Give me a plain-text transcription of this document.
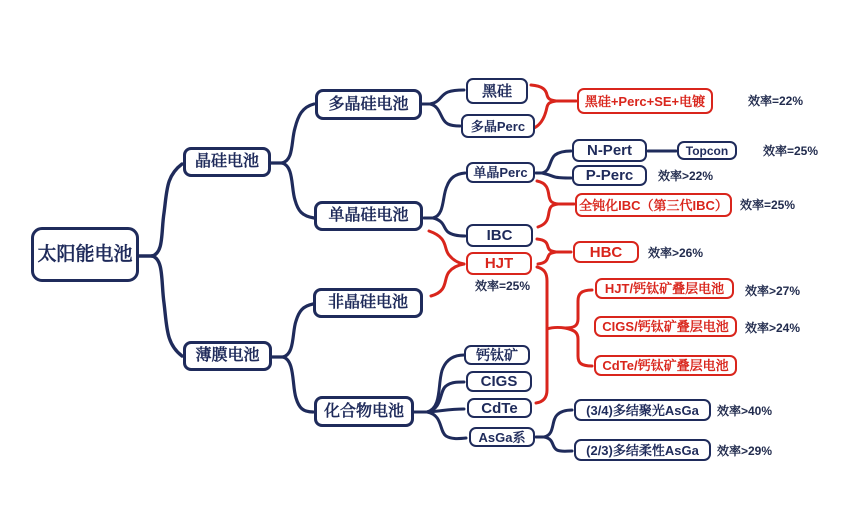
太阳能电池
晶硅电池
薄膜电池
多晶硅电池
单晶硅电池
非晶硅电池
化合物电池
黑硅
多晶Perc
黑硅+Perc+SE+电镀
单晶Perc
N-Pert	Topcon
P-Perc
全钝化IBC（第三代IBC）
IBC
HJT
HBC
HJT/钙钛矿叠层电池
CIGS/钙钛矿叠层电池
CdTe/钙钛矿叠层电池
钙钛矿
CIGS
CdTe
AsGa系
(3/4)多结聚光AsGa
(2/3)多结柔性AsGa
效率=22%
效率=25%
效率>22%
效率=25%
效率>26%
效率=25%	效率>27%
效率>24%
效率>40%
效率>29%
